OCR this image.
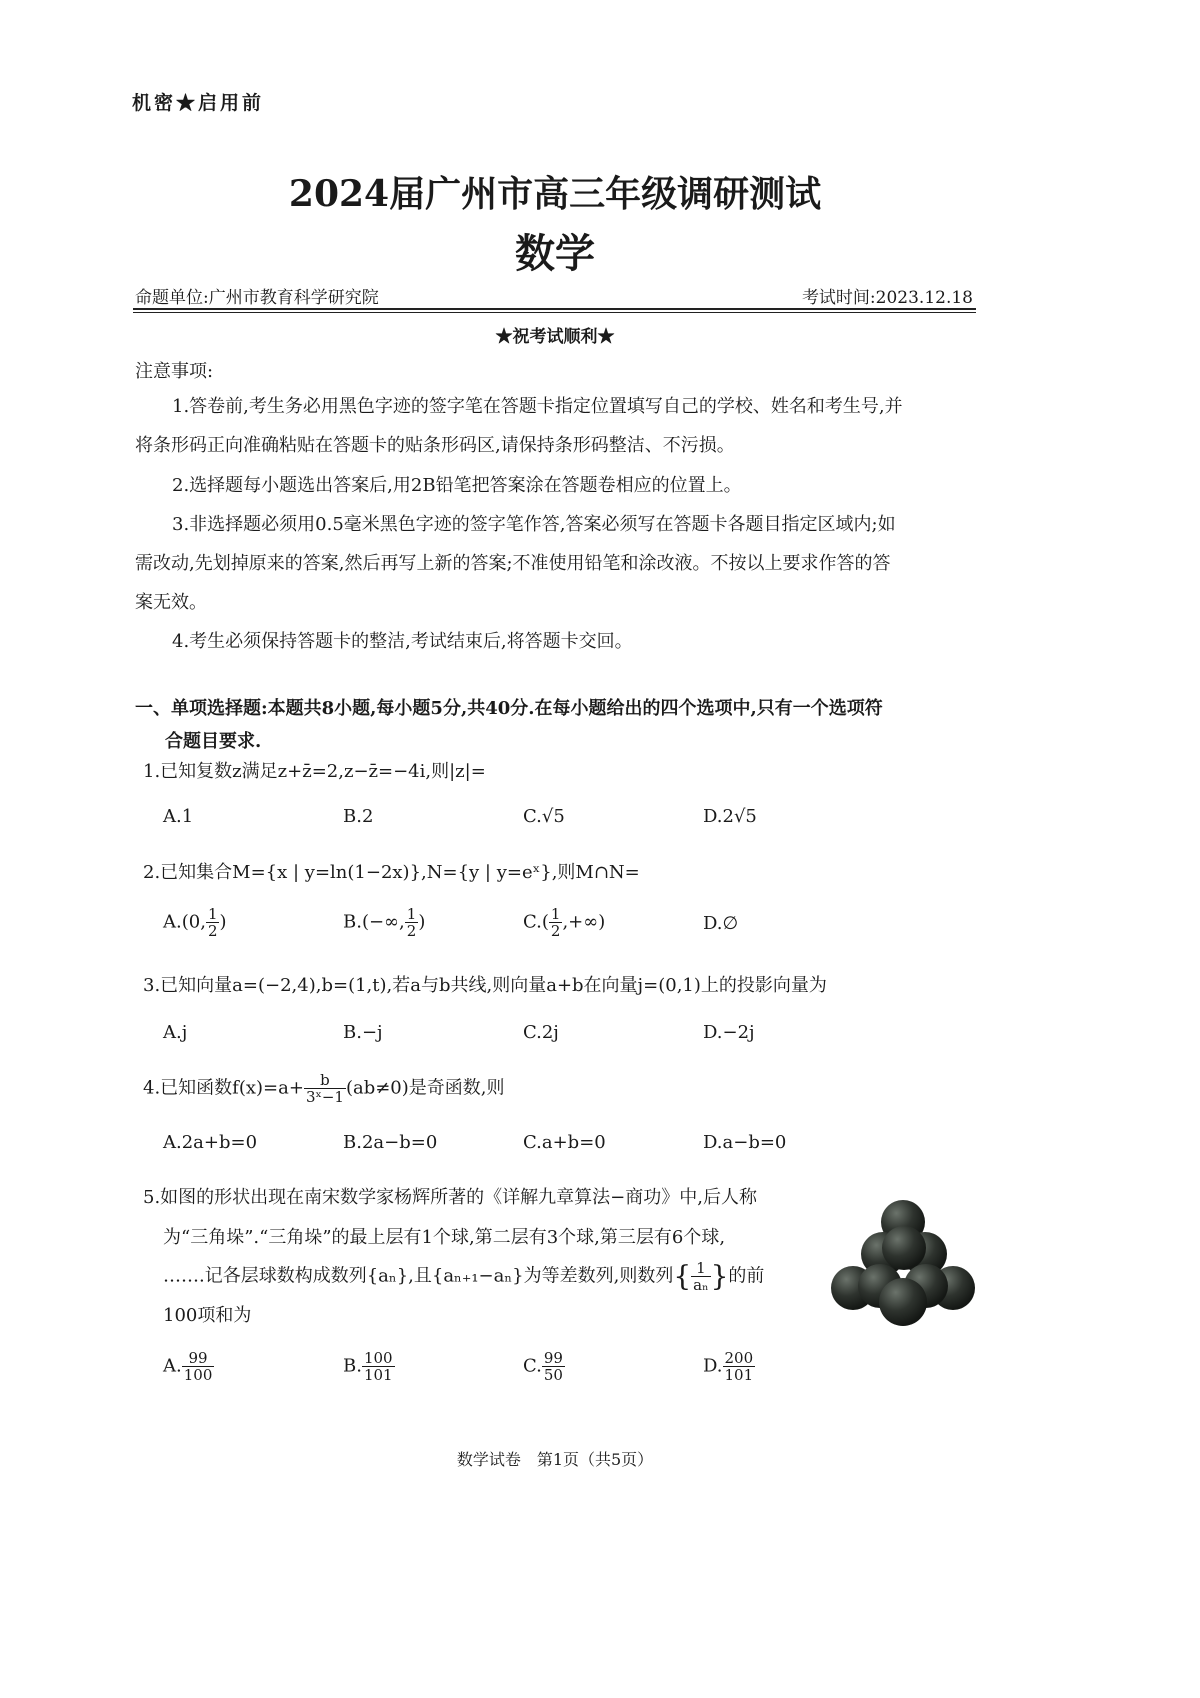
机密★启用前
2024届广州市高三年级调研测试
数学
命题单位:广州市教育科学研究院	考试时间:2023.12.18
★祝考试顺利★
注意事项:
1.答卷前,考生务必用黑色字迹的签字笔在答题卡指定位置填写自己的学校、姓名和考生号,并
将条形码正向准确粘贴在答题卡的贴条形码区,请保持条形码整洁、不污损。
2.选择题每小题选出答案后,用2B铅笔把答案涂在答题卷相应的位置上。
3.非选择题必须用0.5毫米黑色字迹的签字笔作答,答案必须写在答题卡各题目指定区域内;如
需改动,先划掉原来的答案,然后再写上新的答案;不准使用铅笔和涂改液。不按以上要求作答的答
案无效。
4.考生必须保持答题卡的整洁,考试结束后,将答题卡交回。
一、单项选择题:本题共8小题,每小题5分,共40分.在每小题给出的四个选项中,只有一个选项符
合题目要求.
1.已知复数z满足z+z̄=2,z−z̄=−4i,则|z|=
A.1	B.2	C.√5	D.2√5
2.已知集合M={x | y=ln(1−2x)},N={y | y=eˣ},则M∩N=
A.(0, $\frac{1}{2}$ )	B.(−∞, $\frac{1}{2}$ )	$C.( \frac{1}{2}$ ,+∞)	D.∅
3.已知向量a=(−2,4),b=(1,t),若a与b共线,则向量a+b在向量j=(0,1)上的投影向量为
A.j	B.−j	C.2j	D.−2j
4.已知函数$f(x)=a+ \frac{b}{\text{3ˣ−1}} (ab\ne 0)$是奇函数,则
A.2a+b=0	B.2a−b=0	C.a+b=0	D.a−b=0
5.如图的形状出现在南宋数学家杨辉所著的《详解九章算法−商功》中,后人称
为“三角垛”.“三角垛”的最上层有1个球,第二层有3个球,第三层有6个球,
…….记各层球数构成数列{aₙ},且{aₙ₊₁−aₙ}为等差数列,则数列{ $\frac{1}{\text{aₙ}}$ }的前
100项和为
A. $\frac{99}{100}$	B. $\frac{100}{101}$	C. $\frac{99}{50}$	D. $\frac{200}{101}$
数学试卷　第1页（共5页）
